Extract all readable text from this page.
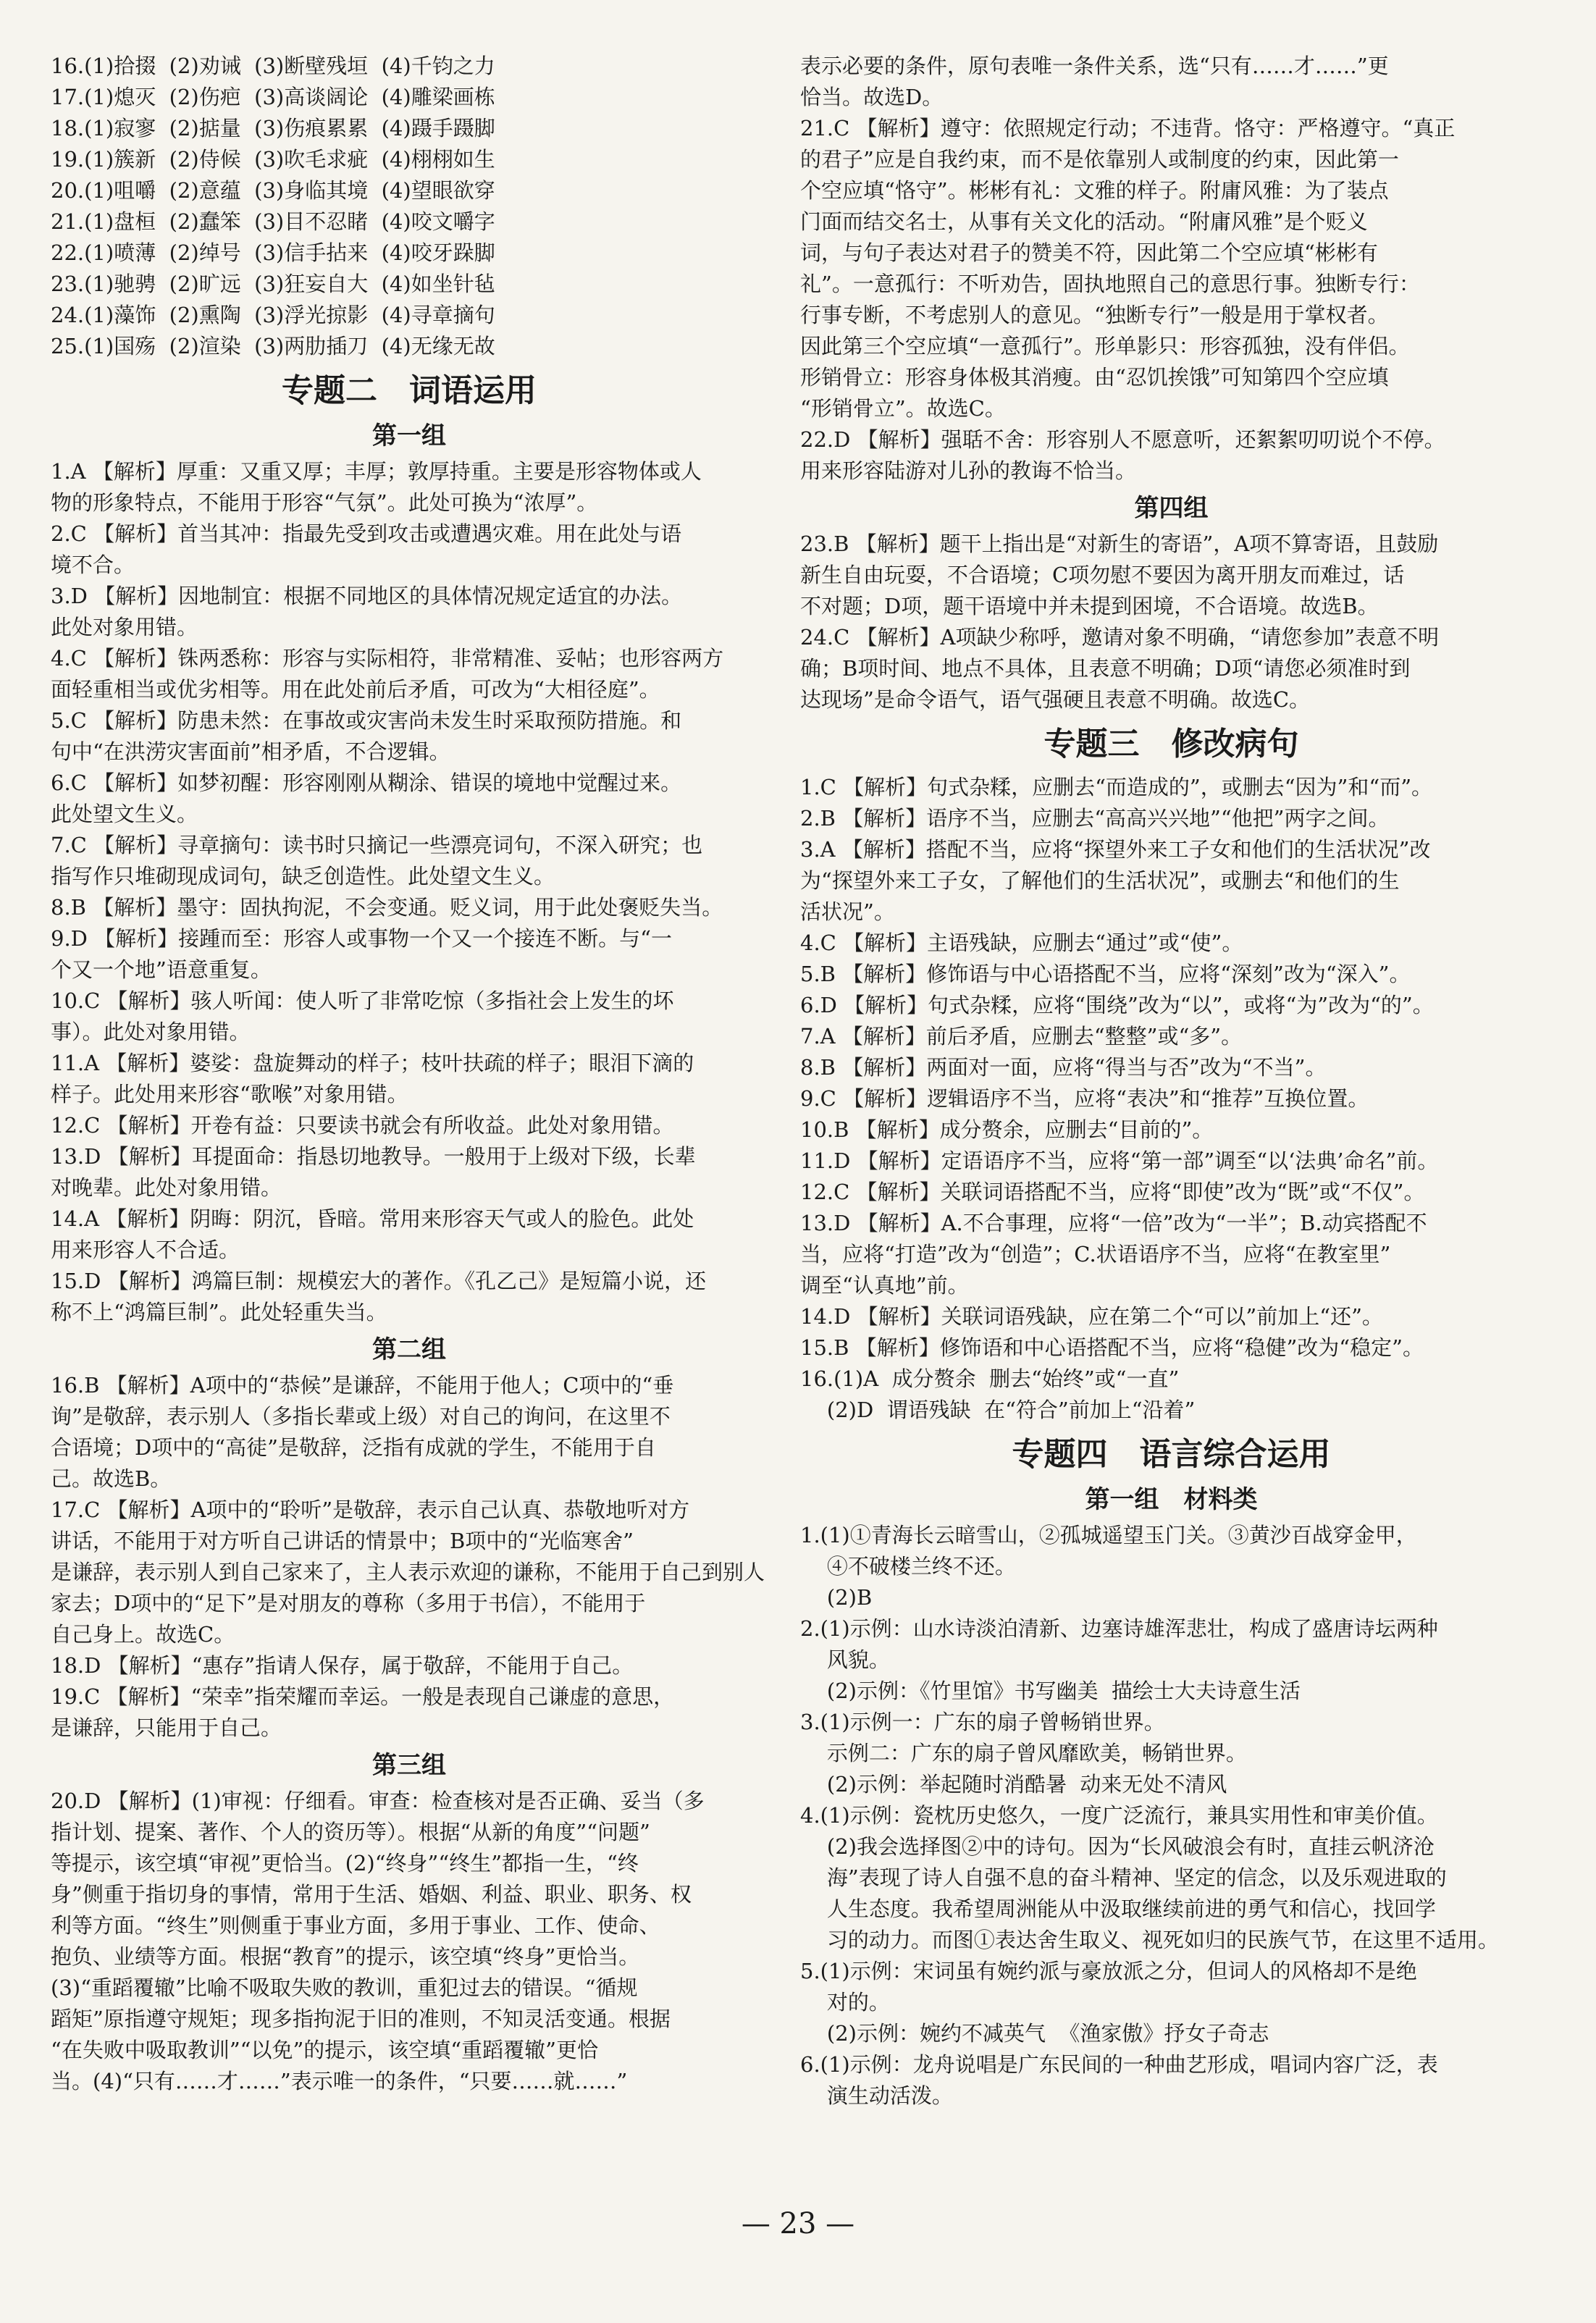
16.(1)拾掇  (2)劝诫  (3)断壁残垣  (4)千钧之力

17.(1)熄灭  (2)伤疤  (3)高谈阔论  (4)雕梁画栋

18.(1)寂寥  (2)掂量  (3)伤痕累累  (4)蹑手蹑脚

19.(1)簇新  (2)侍候  (3)吹毛求疵  (4)栩栩如生

20.(1)咀嚼  (2)意蕴  (3)身临其境  (4)望眼欲穿

21.(1)盘桓  (2)蠢笨  (3)目不忍睹  (4)咬文嚼字

22.(1)喷薄  (2)绰号  (3)信手拈来  (4)咬牙跺脚

23.(1)驰骋  (2)旷远  (3)狂妄自大  (4)如坐针毡

24.(1)藻饰  (2)熏陶  (3)浮光掠影  (4)寻章摘句

25.(1)国殇  (2)渲染  (3)两肋插刀  (4)无缘无故

专题二　词语运用
第一组

1.A 【解析】厚重：又重又厚；丰厚；敦厚持重。主要是形容物体或人

物的形象特点，不能用于形容“气氛”。此处可换为“浓厚”。

2.C 【解析】首当其冲：指最先受到攻击或遭遇灾难。用在此处与语

境不合。

3.D 【解析】因地制宜：根据不同地区的具体情况规定适宜的办法。

此处对象用错。

4.C 【解析】铢两悉称：形容与实际相符，非常精准、妥帖；也形容两方

面轻重相当或优劣相等。用在此处前后矛盾，可改为“大相径庭”。

5.C 【解析】防患未然：在事故或灾害尚未发生时采取预防措施。和

句中“在洪涝灾害面前”相矛盾，不合逻辑。

6.C 【解析】如梦初醒：形容刚刚从糊涂、错误的境地中觉醒过来。

此处望文生义。

7.C 【解析】寻章摘句：读书时只摘记一些漂亮词句，不深入研究；也

指写作只堆砌现成词句，缺乏创造性。此处望文生义。

8.B 【解析】墨守：固执拘泥，不会变通。贬义词，用于此处褒贬失当。

9.D 【解析】接踵而至：形容人或事物一个又一个接连不断。与“一

个又一个地”语意重复。

10.C 【解析】骇人听闻：使人听了非常吃惊（多指社会上发生的坏

事）。此处对象用错。

11.A 【解析】婆娑：盘旋舞动的样子；枝叶扶疏的样子；眼泪下滴的

样子。此处用来形容“歌喉”对象用错。

12.C 【解析】开卷有益：只要读书就会有所收益。此处对象用错。

13.D 【解析】耳提面命：指恳切地教导。一般用于上级对下级，长辈

对晚辈。此处对象用错。

14.A 【解析】阴晦：阴沉，昏暗。常用来形容天气或人的脸色。此处

用来形容人不合适。

15.D 【解析】鸿篇巨制：规模宏大的著作。《孔乙己》是短篇小说，还

称不上“鸿篇巨制”。此处轻重失当。

第二组

16.B 【解析】A项中的“恭候”是谦辞，不能用于他人；C项中的“垂

询”是敬辞，表示别人（多指长辈或上级）对自己的询问，在这里不

合语境；D项中的“高徒”是敬辞，泛指有成就的学生，不能用于自

己。故选B。

17.C 【解析】A项中的“聆听”是敬辞，表示自己认真、恭敬地听对方

讲话，不能用于对方听自己讲话的情景中；B项中的“光临寒舍”

是谦辞，表示别人到自己家来了，主人表示欢迎的谦称，不能用于自己到别人

家去；D项中的“足下”是对朋友的尊称（多用于书信），不能用于

自己身上。故选C。

18.D 【解析】“惠存”指请人保存，属于敬辞，不能用于自己。

19.C 【解析】“荣幸”指荣耀而幸运。一般是表现自己谦虚的意思，

是谦辞，只能用于自己。

第三组

20.D 【解析】(1)审视：仔细看。审查：检查核对是否正确、妥当（多

指计划、提案、著作、个人的资历等）。根据“从新的角度”“问题”

等提示，该空填“审视”更恰当。(2)“终身”“终生”都指一生，“终

身”侧重于指切身的事情，常用于生活、婚姻、利益、职业、职务、权

利等方面。“终生”则侧重于事业方面，多用于事业、工作、使命、

抱负、业绩等方面。根据“教育”的提示，该空填“终身”更恰当。

(3)“重蹈覆辙”比喻不吸取失败的教训，重犯过去的错误。“循规

蹈矩”原指遵守规矩；现多指拘泥于旧的准则，不知灵活变通。根据

“在失败中吸取教训”“以免”的提示，该空填“重蹈覆辙”更恰

当。(4)“只有……才……”表示唯一的条件，“只要……就……”

表示必要的条件，原句表唯一条件关系，选“只有……才……”更

恰当。故选D。

21.C 【解析】遵守：依照规定行动；不违背。恪守：严格遵守。“真正

的君子”应是自我约束，而不是依靠别人或制度的约束，因此第一

个空应填“恪守”。彬彬有礼：文雅的样子。附庸风雅：为了装点

门面而结交名士，从事有关文化的活动。“附庸风雅”是个贬义

词，与句子表达对君子的赞美不符，因此第二个空应填“彬彬有

礼”。一意孤行：不听劝告，固执地照自己的意思行事。独断专行：

行事专断，不考虑别人的意见。“独断专行”一般是用于掌权者。

因此第三个空应填“一意孤行”。形单影只：形容孤独，没有伴侣。

形销骨立：形容身体极其消瘦。由“忍饥挨饿”可知第四个空应填

“形销骨立”。故选C。

22.D 【解析】强聒不舍：形容别人不愿意听，还絮絮叨叨说个不停。

用来形容陆游对儿孙的教诲不恰当。

第四组

23.B 【解析】题干上指出是“对新生的寄语”，A项不算寄语，且鼓励

新生自由玩耍，不合语境；C项勿慰不要因为离开朋友而难过，话

不对题；D项，题干语境中并未提到困境，不合语境。故选B。

24.C 【解析】A项缺少称呼，邀请对象不明确，“请您参加”表意不明

确；B项时间、地点不具体，且表意不明确；D项“请您必须准时到

达现场”是命令语气，语气强硬且表意不明确。故选C。

专题三　修改病句

1.C 【解析】句式杂糅，应删去“而造成的”，或删去“因为”和“而”。

2.B 【解析】语序不当，应删去“高高兴兴地”“他把”两字之间。

3.A 【解析】搭配不当，应将“探望外来工子女和他们的生活状况”改

为“探望外来工子女，了解他们的生活状况”，或删去“和他们的生

活状况”。

4.C 【解析】主语残缺，应删去“通过”或“使”。

5.B 【解析】修饰语与中心语搭配不当，应将“深刻”改为“深入”。

6.D 【解析】句式杂糅，应将“围绕”改为“以”，或将“为”改为“的”。

7.A 【解析】前后矛盾，应删去“整整”或“多”。

8.B 【解析】两面对一面，应将“得当与否”改为“不当”。

9.C 【解析】逻辑语序不当，应将“表决”和“推荐”互换位置。

10.B 【解析】成分赘余，应删去“目前的”。

11.D 【解析】定语语序不当，应将“第一部”调至“以‘法典’命名”前。

12.C 【解析】关联词语搭配不当，应将“即使”改为“既”或“不仅”。

13.D 【解析】A.不合事理，应将“一倍”改为“一半”；B.动宾搭配不

当，应将“打造”改为“创造”；C.状语语序不当，应将“在教室里”

调至“认真地”前。

14.D 【解析】关联词语残缺，应在第二个“可以”前加上“还”。

15.B 【解析】修饰语和中心语搭配不当，应将“稳健”改为“稳定”。

16.(1)A  成分赘余  删去“始终”或“一直”

(2)D  谓语残缺  在“符合”前加上“沿着”

专题四　语言综合运用
第一组　材料类

1.(1)①青海长云暗雪山，②孤城遥望玉门关。③黄沙百战穿金甲，

④不破楼兰终不还。

(2)B

2.(1)示例：山水诗淡泊清新、边塞诗雄浑悲壮，构成了盛唐诗坛两种

风貌。

(2)示例：《竹里馆》书写幽美  描绘士大夫诗意生活

3.(1)示例一：广东的扇子曾畅销世界。

示例二：广东的扇子曾风靡欧美，畅销世界。

(2)示例：举起随时消酷暑  动来无处不清风

4.(1)示例：瓷枕历史悠久，一度广泛流行，兼具实用性和审美价值。

(2)我会选择图②中的诗句。因为“长风破浪会有时，直挂云帆济沧

海”表现了诗人自强不息的奋斗精神、坚定的信念，以及乐观进取的

人生态度。我希望周洲能从中汲取继续前进的勇气和信心，找回学

习的动力。而图①表达舍生取义、视死如归的民族气节，在这里不适用。

5.(1)示例：宋词虽有婉约派与豪放派之分，但词人的风格却不是绝

对的。

(2)示例：婉约不减英气  《渔家傲》抒女子奇志

6.(1)示例：龙舟说唱是广东民间的一种曲艺形成，唱词内容广泛，表

演生动活泼。

— 23 —
